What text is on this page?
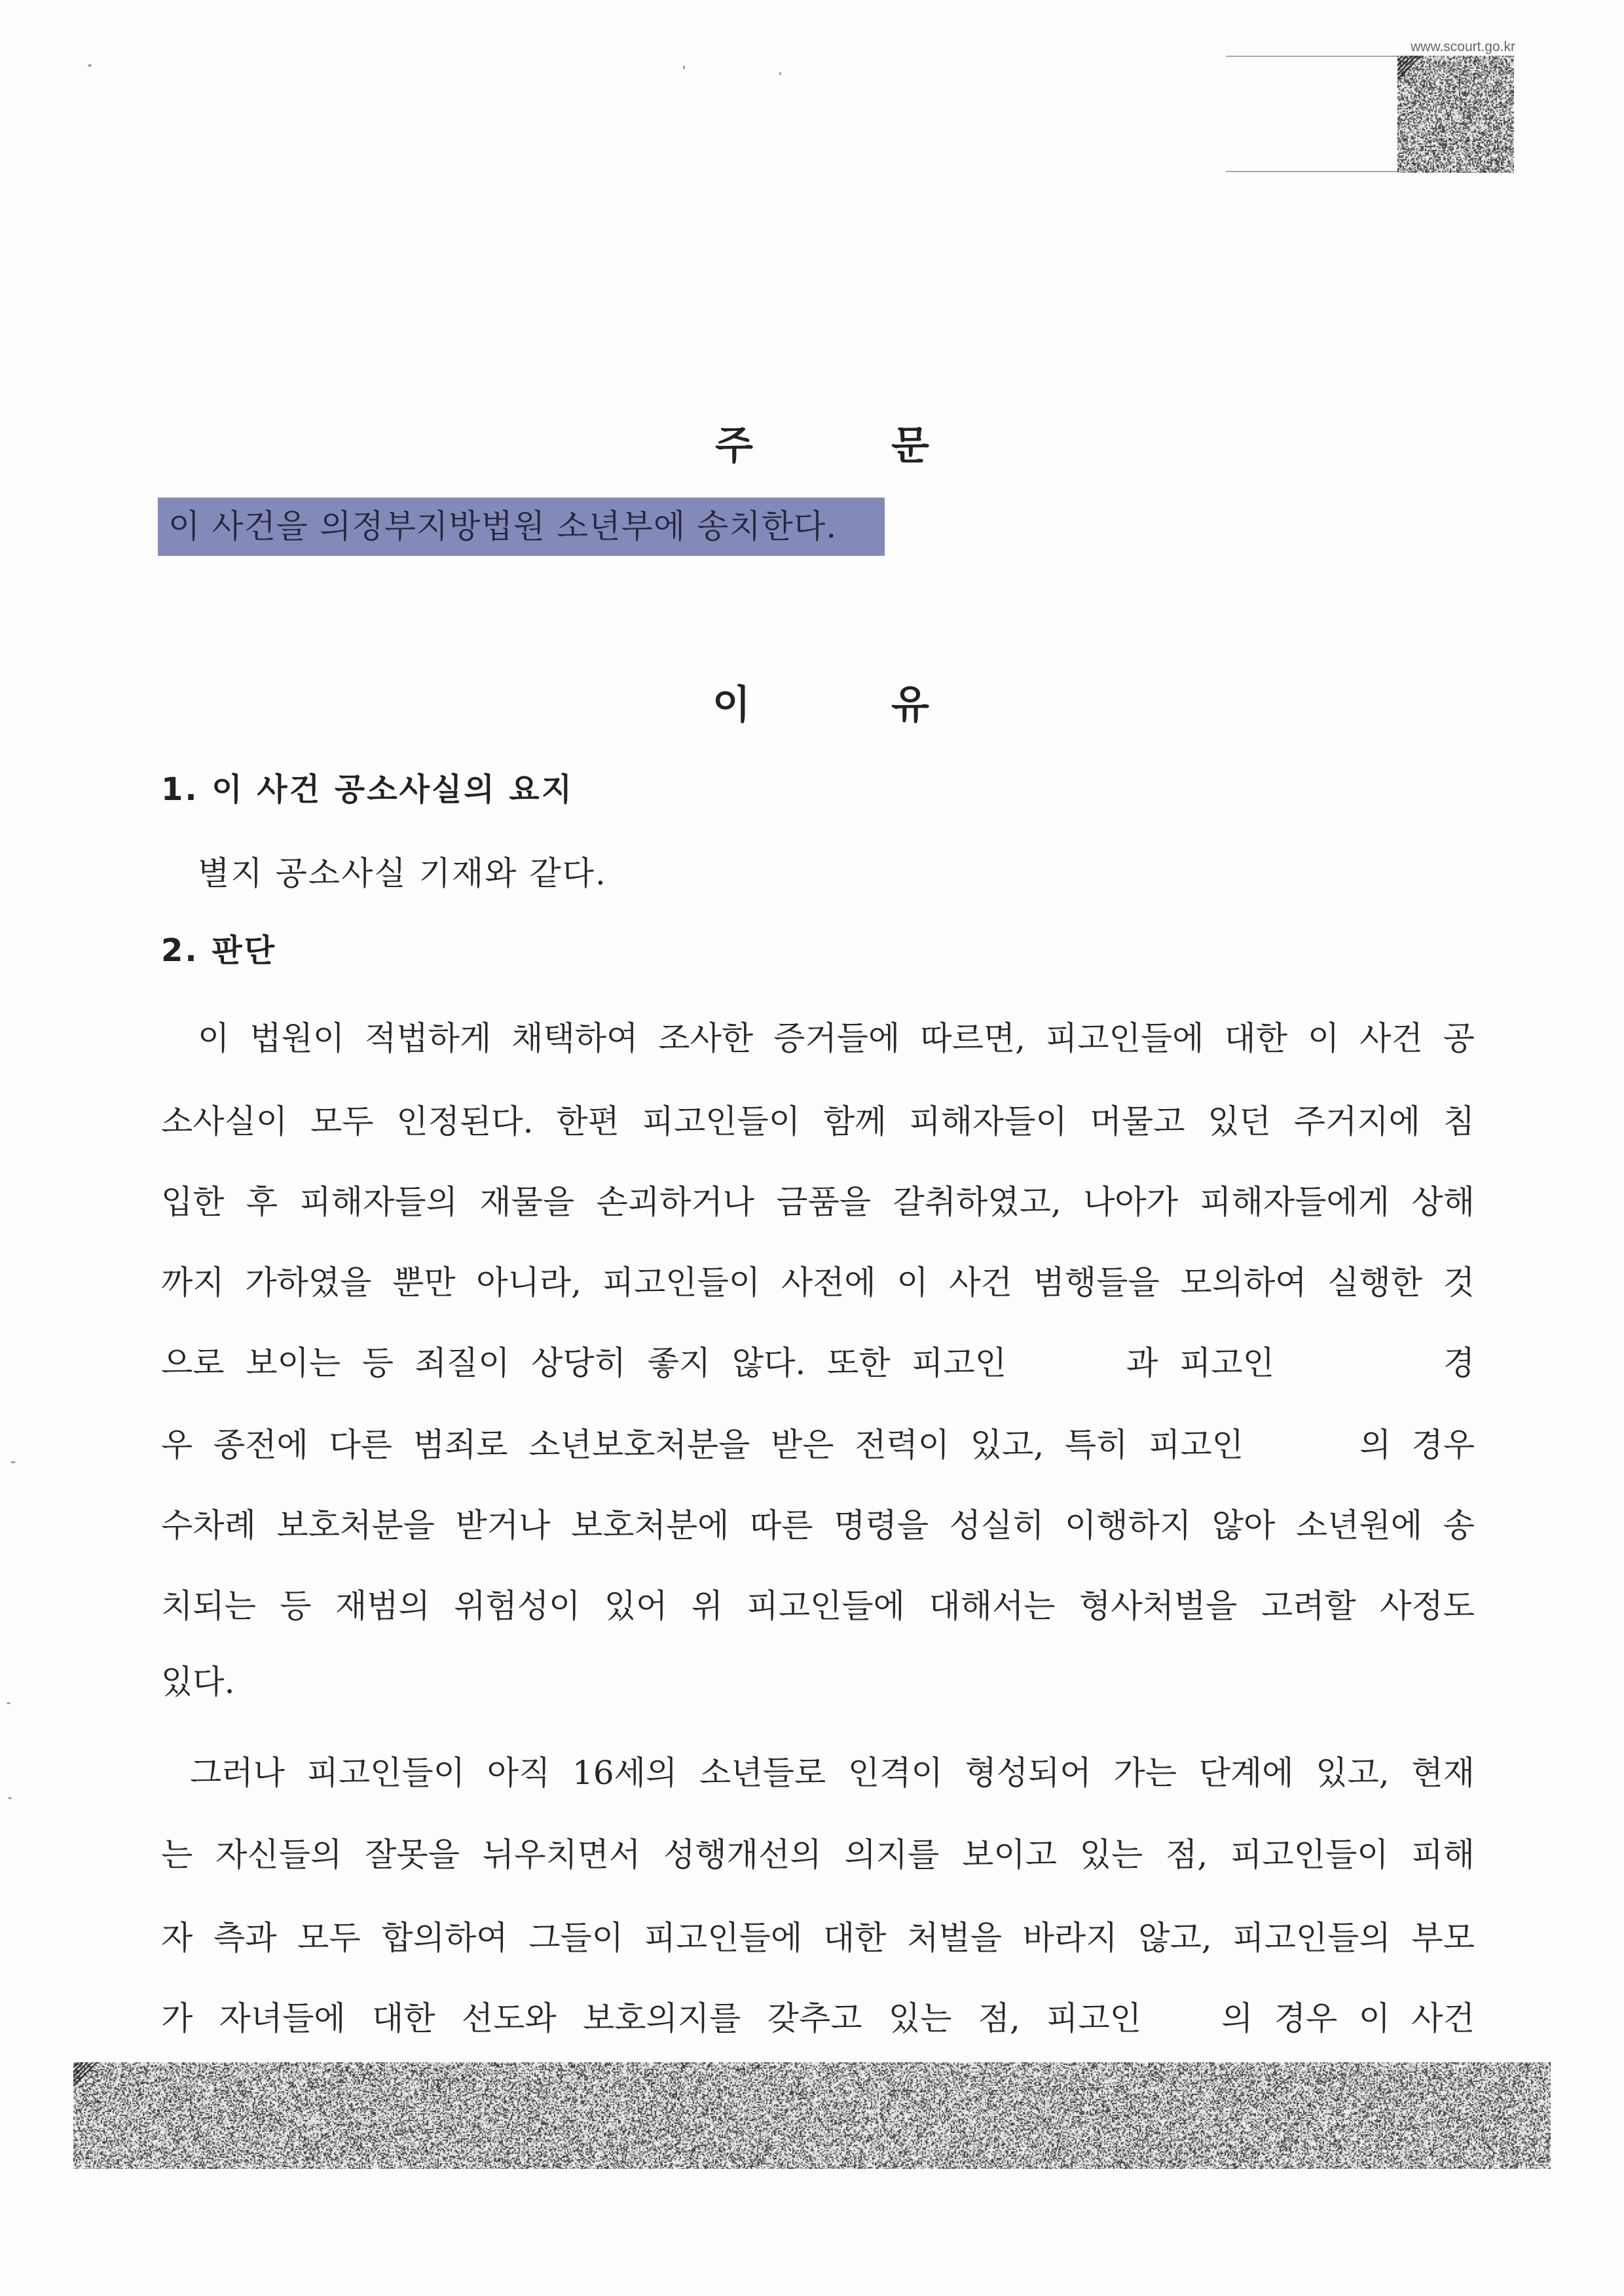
www.scourt.go.kr
주	문
이 사건을 의정부지방법원 소년부에 송치한다.
이	유
1. 이 사건 공소사실의 요지
별지 공소사실 기재와 같다.
2. 판단
이 법원이 적법하게 채택하여 조사한 증거들에 따르면, 피고인들에 대한 이 사건 공
소사실이 모두 인정된다. 한편 피고인들이 함께 피해자들이 머물고 있던 주거지에 침
입한 후 피해자들의 재물을 손괴하거나 금품을 갈취하였고, 나아가 피해자들에게 상해
까지 가하였을 뿐만 아니라, 피고인들이 사전에 이 사건 범행들을 모의하여 실행한 것
으로 보이는 등 죄질이 상당히 좋지 않다. 또한 피고인	과 피고인	경
우 종전에 다른 범죄로 소년보호처분을 받은 전력이 있고, 특히 피고인	의 경우
수차례 보호처분을 받거나 보호처분에 따른 명령을 성실히 이행하지 않아 소년원에 송
치되는 등 재범의 위험성이 있어 위 피고인들에 대해서는 형사처벌을 고려할 사정도
있다.
그러나 피고인들이 아직 16세의 소년들로 인격이 형성되어 가는 단계에 있고, 현재
는 자신들의 잘못을 뉘우치면서 성행개선의 의지를 보이고 있는 점, 피고인들이 피해
자 측과 모두 합의하여 그들이 피고인들에 대한 처벌을 바라지 않고, 피고인들의 부모
가 자녀들에 대한 선도와 보호의지를 갖추고 있는 점, 피고인 의 경우 이 사건
